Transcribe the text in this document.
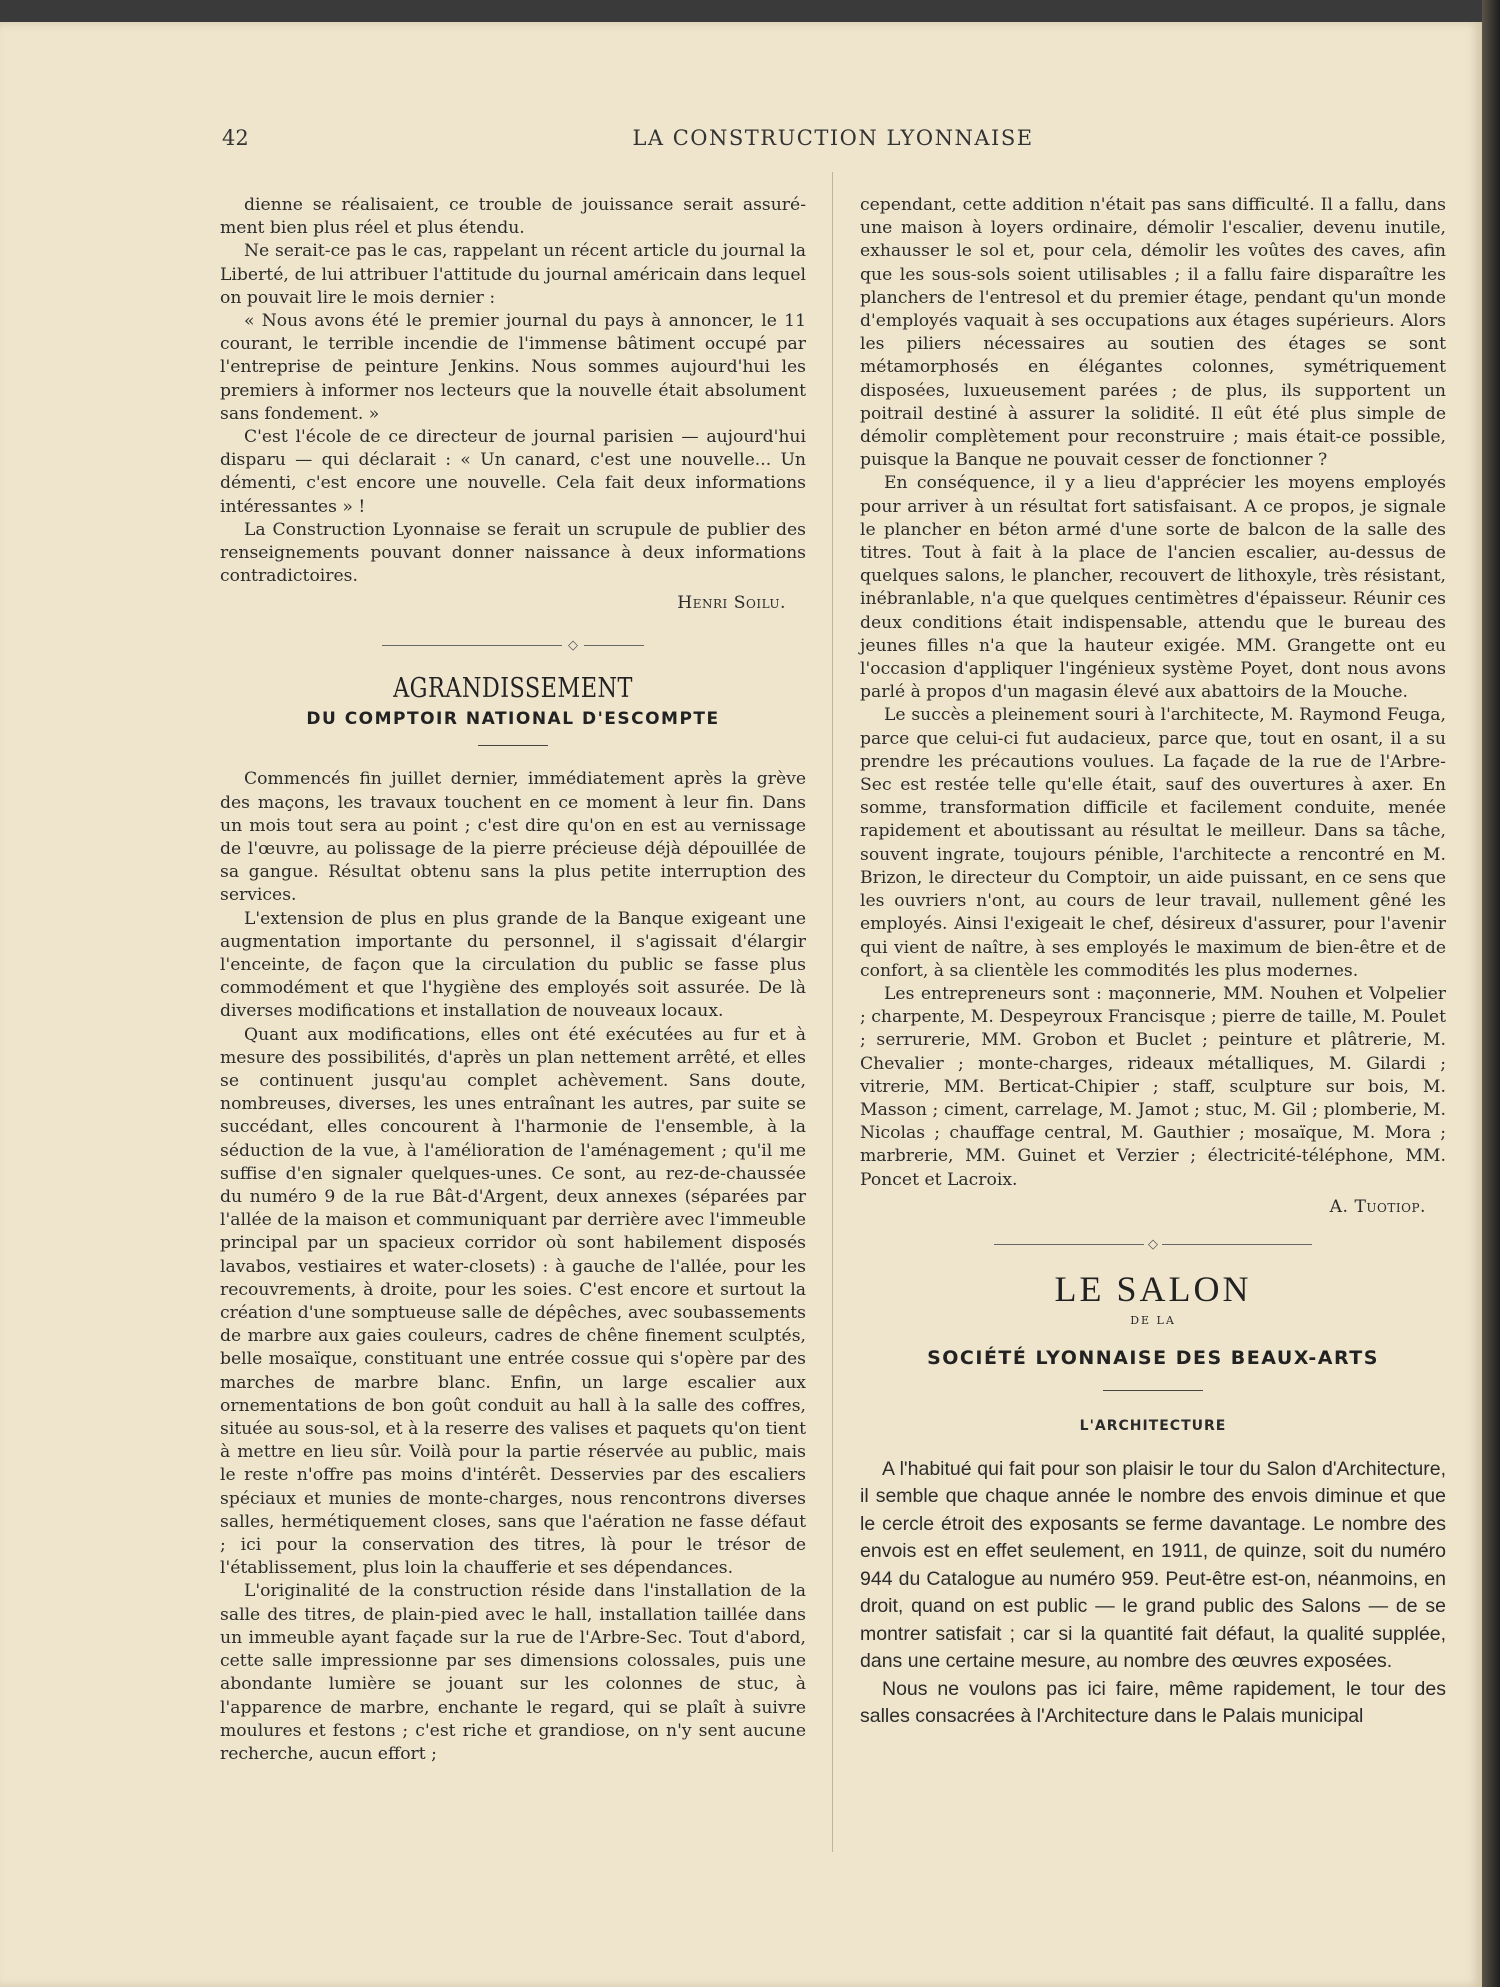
42	LA CONSTRUCTION LYONNAISE

dienne se réalisaient, ce trouble de jouissance serait assurément bien plus réel et plus étendu.

Ne serait-ce pas le cas, rappelant un récent article du journal la Liberté, de lui attribuer l'attitude du journal américain dans lequel on pouvait lire le mois dernier :

« Nous avons été le premier journal du pays à annoncer, le 11 courant, le terrible incendie de l'immense bâtiment occupé par l'entreprise de peinture Jenkins. Nous sommes aujourd'hui les premiers à informer nos lecteurs que la nouvelle était absolument sans fondement. »

C'est l'école de ce directeur de journal parisien — aujourd'hui disparu — qui déclarait : « Un canard, c'est une nouvelle... Un démenti, c'est encore une nouvelle. Cela fait deux informations intéressantes » !

La Construction Lyonnaise se ferait un scrupule de publier des renseignements pouvant donner naissance à deux informations contradictoires.

Henri Soilu.
◇
AGRANDISSEMENT
DU COMPTOIR NATIONAL D'ESCOMPTE

Commencés fin juillet dernier, immédiatement après la grève des maçons, les travaux touchent en ce moment à leur fin. Dans un mois tout sera au point ; c'est dire qu'on en est au vernissage de l'œuvre, au polissage de la pierre précieuse déjà dépouillée de sa gangue. Résultat obtenu sans la plus petite interruption des services.

L'extension de plus en plus grande de la Banque exigeant une augmentation importante du personnel, il s'agissait d'élargir l'enceinte, de façon que la circulation du public se fasse plus commodément et que l'hygiène des employés soit assurée. De là diverses modifications et installation de nouveaux locaux.

Quant aux modifications, elles ont été exécutées au fur et à mesure des possibilités, d'après un plan nettement arrêté, et elles se continuent jusqu'au complet achèvement. Sans doute, nombreuses, diverses, les unes entraînant les autres, par suite se succédant, elles concourent à l'harmonie de l'ensemble, à la séduction de la vue, à l'amélioration de l'aménagement ; qu'il me suffise d'en signaler quelques-unes. Ce sont, au rez-de-chaussée du numéro 9 de la rue Bât-d'Argent, deux annexes (séparées par l'allée de la maison et communiquant par derrière avec l'immeuble principal par un spacieux corridor où sont habilement disposés lavabos, vestiaires et water-closets) : à gauche de l'allée, pour les recouvrements, à droite, pour les soies. C'est encore et surtout la création d'une somptueuse salle de dépêches, avec soubassements de marbre aux gaies couleurs, cadres de chêne finement sculptés, belle mosaïque, constituant une entrée cossue qui s'opère par des marches de marbre blanc. Enfin, un large escalier aux ornementations de bon goût conduit au hall à la salle des coffres, située au sous-sol, et à la reserre des valises et paquets qu'on tient à mettre en lieu sûr. Voilà pour la partie réservée au public, mais le reste n'offre pas moins d'intérêt. Desservies par des escaliers spéciaux et munies de monte-charges, nous rencontrons diverses salles, hermétiquement closes, sans que l'aération ne fasse défaut ; ici pour la conservation des titres, là pour le trésor de l'établissement, plus loin la chaufferie et ses dépendances.

L'originalité de la construction réside dans l'installation de la salle des titres, de plain-pied avec le hall, installation taillée dans un immeuble ayant façade sur la rue de l'Arbre-Sec. Tout d'abord, cette salle impressionne par ses dimensions colossales, puis une abondante lumière se jouant sur les colonnes de stuc, à l'apparence de marbre, enchante le regard, qui se plaît à suivre moulures et festons ; c'est riche et grandiose, on n'y sent aucune recherche, aucun effort ;

cependant, cette addition n'était pas sans difficulté. Il a fallu, dans une maison à loyers ordinaire, démolir l'escalier, devenu inutile, exhausser le sol et, pour cela, démolir les voûtes des caves, afin que les sous-sols soient utilisables ; il a fallu faire disparaître les planchers de l'entresol et du premier étage, pendant qu'un monde d'employés vaquait à ses occupations aux étages supérieurs. Alors les piliers nécessaires au soutien des étages se sont métamorphosés en élégantes colonnes, symétriquement disposées, luxueusement parées ; de plus, ils supportent un poitrail destiné à assurer la solidité. Il eût été plus simple de démolir complètement pour reconstruire ; mais était-ce possible, puisque la Banque ne pouvait cesser de fonctionner ?

En conséquence, il y a lieu d'apprécier les moyens employés pour arriver à un résultat fort satisfaisant. A ce propos, je signale le plancher en béton armé d'une sorte de balcon de la salle des titres. Tout à fait à la place de l'ancien escalier, au-dessus de quelques salons, le plancher, recouvert de lithoxyle, très résistant, inébranlable, n'a que quelques centimètres d'épaisseur. Réunir ces deux conditions était indispensable, attendu que le bureau des jeunes filles n'a que la hauteur exigée. MM. Grangette ont eu l'occasion d'appliquer l'ingénieux système Poyet, dont nous avons parlé à propos d'un magasin élevé aux abattoirs de la Mouche.

Le succès a pleinement souri à l'architecte, M. Raymond Feuga, parce que celui-ci fut audacieux, parce que, tout en osant, il a su prendre les précautions voulues. La façade de la rue de l'Arbre-Sec est restée telle qu'elle était, sauf des ouvertures à axer. En somme, transformation difficile et facilement conduite, menée rapidement et aboutissant au résultat le meilleur. Dans sa tâche, souvent ingrate, toujours pénible, l'architecte a rencontré en M. Brizon, le directeur du Comptoir, un aide puissant, en ce sens que les ouvriers n'ont, au cours de leur travail, nullement gêné les employés. Ainsi l'exigeait le chef, désireux d'assurer, pour l'avenir qui vient de naître, à ses employés le maximum de bien-être et de confort, à sa clientèle les commodités les plus modernes.

Les entrepreneurs sont : maçonnerie, MM. Nouhen et Volpelier ; charpente, M. Despeyroux Francisque ; pierre de taille, M. Poulet ; serrurerie, MM. Grobon et Buclet ; peinture et plâtrerie, M. Chevalier ; monte-charges, rideaux métalliques, M. Gilardi ; vitrerie, MM. Berticat-Chipier ; staff, sculpture sur bois, M. Masson ; ciment, carrelage, M. Jamot ; stuc, M. Gil ; plomberie, M. Nicolas ; chauffage central, M. Gauthier ; mosaïque, M. Mora ; marbrerie, MM. Guinet et Verzier ; électricité-téléphone, MM. Poncet et Lacroix.

A. Tuotiop.
◇
LE SALON
DE LA
SOCIÉTÉ LYONNAISE DES BEAUX-ARTS
L'ARCHITECTURE

A l'habitué qui fait pour son plaisir le tour du Salon d'Architecture, il semble que chaque année le nombre des envois diminue et que le cercle étroit des exposants se ferme davantage. Le nombre des envois est en effet seulement, en 1911, de quinze, soit du numéro 944 du Catalogue au numéro 959. Peut-être est-on, néanmoins, en droit, quand on est public — le grand public des Salons — de se montrer satisfait ; car si la quantité fait défaut, la qualité supplée, dans une certaine mesure, au nombre des œuvres exposées.

Nous ne voulons pas ici faire, même rapidement, le tour des salles consacrées à l'Architecture dans le Palais municipal
